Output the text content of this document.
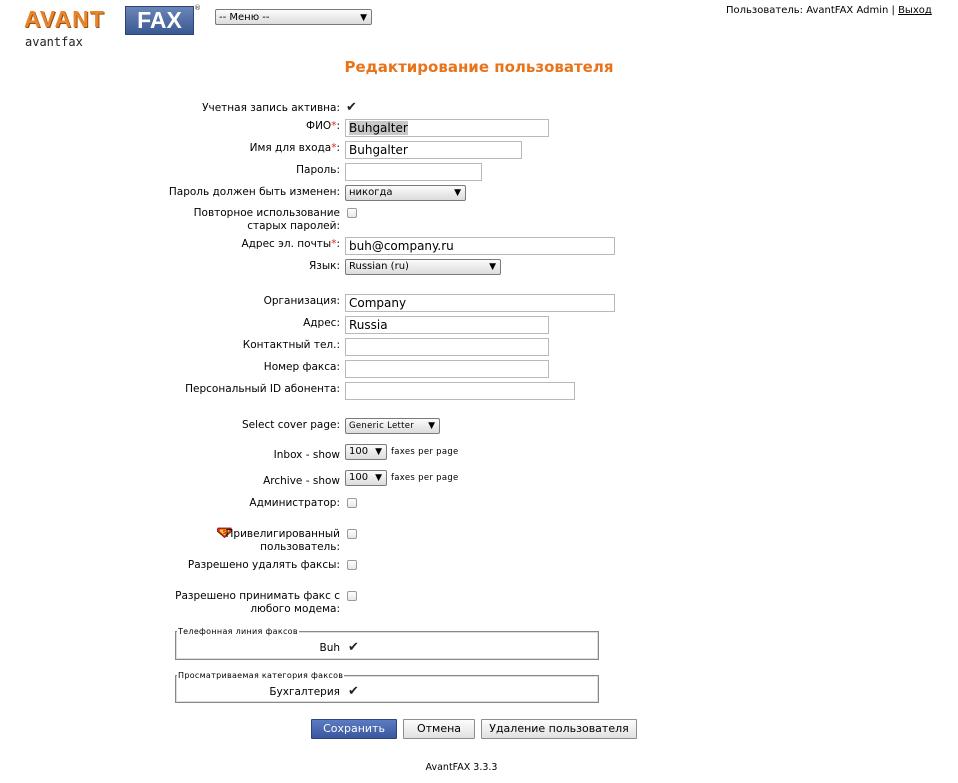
AVANT	FAX	®
avantfax
-- Меню --	▼
Пользователь: AvantFAX Admin | Выход
Редактирование пользователя
Учетная запись активна: ✔
ФИО*: Buhgalter
Имя для входа*: Buhgalter
Пароль:
Пароль должен быть изменен: никогда	▼
Повторное использование
старых паролей:
Адрес эл. почты*: buh@company.ru
Язык: Russian (ru)	▼
Организация: Company
Адрес: Russia
Контактный тел.:
Номер факса:
Персональный ID абонента:
Select cover page:	Generic Letter ▼
Inbox - show 100 ▼ faxes per page
Archive - show 100 ▼ faxes per page
Администратор:
S Привелигированный
пользователь:
Разрешено удалять факсы:
Разрешено принимать факс с
любого модема:
Телефонная линия факсов
Buh ✔
Просматриваемая категория факсов
Бухгалтерия ✔
Сохранить	Отмена	Удаление пользователя
AvantFAX 3.3.3
